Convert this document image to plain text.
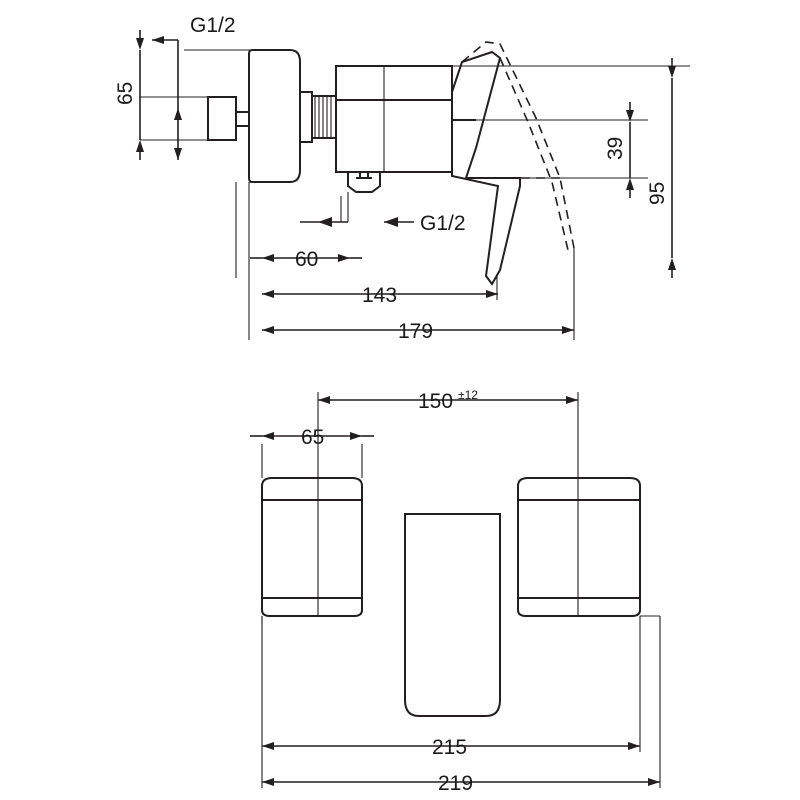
G1/2
65
G1/2
60
143
179
39
95
150 ±12
65
215
219
